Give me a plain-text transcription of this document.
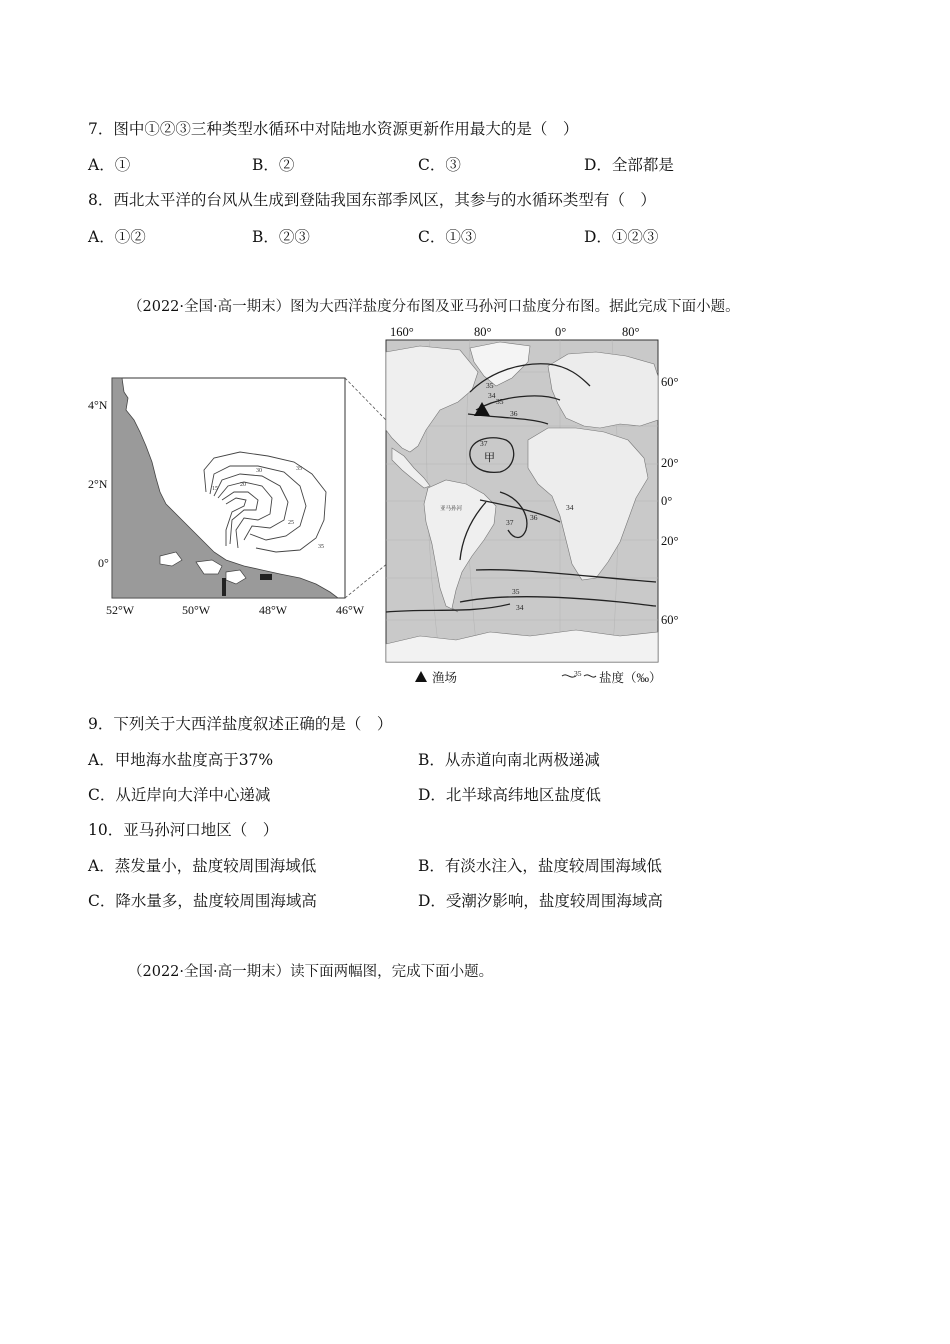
7．图中①②③三种类型水循环中对陆地水资源更新作用最大的是（　）
A．①	B．②	C．③	D．全部都是
8．西北太平洋的台风从生成到登陆我国东部季风区，其参与的水循环类型有（　）
A．①②	B．②③	C．①③	D．①②③
（2022·全国·高一期末）图为大西洋盐度分布图及亚马孙河口盐度分布图。据此完成下面小题。
35
35
30
25
20
15
4°N
2°N
0°
52°W	50°W	48°W	46°W
35
35
34
36
37
37
36
34
35
34
甲
亚马孙河
160°	80°	0°	80°
60°
20°
0°
20°
60°
渔场	35 盐度（‰）
9．下列关于大西洋盐度叙述正确的是（　）
A．甲地海水盐度高于37%	B．从赤道向南北两极递减
C．从近岸向大洋中心递减	D．北半球高纬地区盐度低
10．亚马孙河口地区（　）
A．蒸发量小，盐度较周围海域低	B．有淡水注入，盐度较周围海域低
C．降水量多，盐度较周围海域高	D．受潮汐影响，盐度较周围海域高
（2022·全国·高一期末）读下面两幅图，完成下面小题。
